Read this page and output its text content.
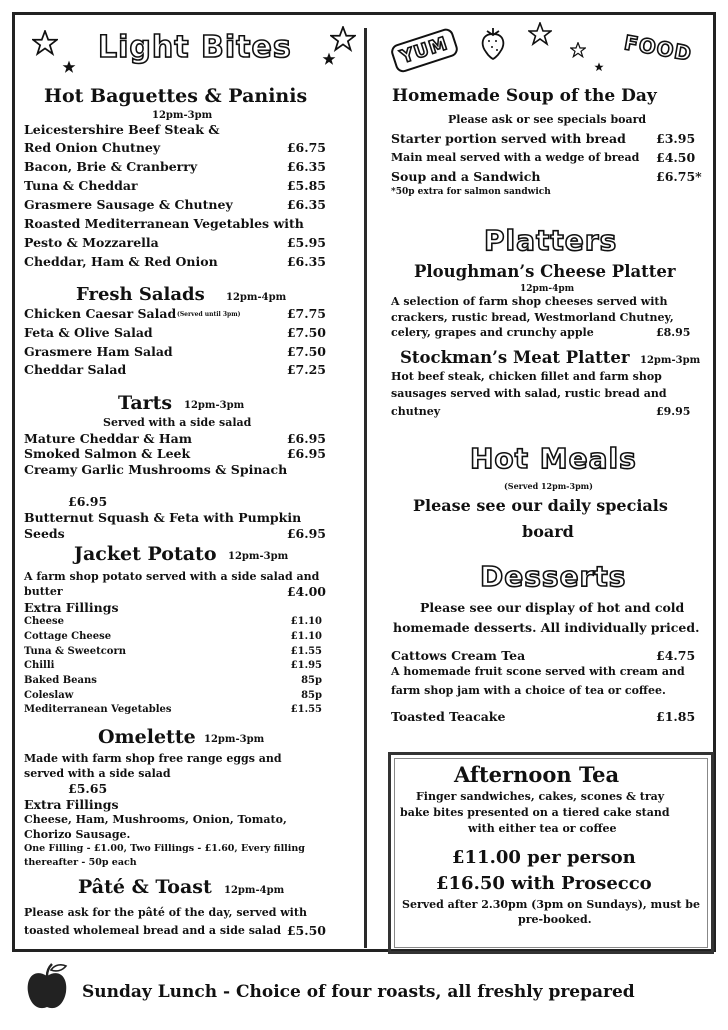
Light Bites
Hot Baguettes & Paninis
12pm-3pm
Leicestershire Beef Steak &
Red Onion Chutney	£6.75
Bacon, Brie & Cranberry	£6.35
Tuna & Cheddar	£5.85
Grasmere Sausage & Chutney	£6.35
Roasted Mediterranean Vegetables with
Pesto & Mozzarella	£5.95
Cheddar, Ham & Red Onion	£6.35
Fresh Salads 12pm-4pm
Chicken Caesar Salad (Served until 3pm)	£7.75
Feta & Olive Salad	£7.50
Grasmere Ham Salad	£7.50
Cheddar Salad	£7.25
Tarts 12pm-3pm
Served with a side salad
Mature Cheddar & Ham	£6.95
Smoked Salmon & Leek	£6.95
Creamy Garlic Mushrooms & Spinach
£6.95
Butternut Squash & Feta with Pumpkin
Seeds	£6.95
Jacket Potato 12pm-3pm
A farm shop potato served with a side salad and
butter	£4.00
Extra Fillings
Cheese	£1.10
Cottage Cheese	£1.10
Tuna & Sweetcorn	£1.55
Chilli	£1.95
Baked Beans	85p
Coleslaw	85p
Mediterranean Vegetables	£1.55
Omelette 12pm-3pm
Made with farm shop free range eggs and
served with a side salad
£5.65
Extra Fillings
Cheese, Ham, Mushrooms, Onion, Tomato,
Chorizo Sausage.
One Filling - £1.00, Two Fillings - £1.60, Every filling
thereafter - 50p each
Pâté & Toast 12pm-4pm
Please ask for the pâté of the day, served with
toasted wholemeal bread and a side salad £5.50
YUM	FOOD
Homemade Soup of the Day
Please ask or see specials board
Starter portion served with bread £3.95
Main meal served with a wedge of bread £4.50
Soup and a Sandwich	£6.75*
*50p extra for salmon sandwich
Platters
Ploughman’s Cheese Platter
12pm-4pm
A selection of farm shop cheeses served with
crackers, rustic bread, Westmorland Chutney,
celery, grapes and crunchy apple	£8.95
Stockman’s Meat Platter 12pm-3pm
Hot beef steak, chicken fillet and farm shop
sausages served with salad, rustic bread and
chutney	£9.95
Hot Meals
(Served 12pm-3pm)
Please see our daily specials
board
Desserts
Please see our display of hot and cold
homemade desserts. All individually priced.
Cattows Cream Tea	£4.75
A homemade fruit scone served with cream and
farm shop jam with a choice of tea or coffee.
Toasted Teacake	£1.85
Afternoon Tea
Finger sandwiches, cakes, scones & tray
bake bites presented on a tiered cake stand
with either tea or coffee
£11.00 per person
£16.50 with Prosecco
Served after 2.30pm (3pm on Sundays), must be
pre-booked.
Sunday Lunch - Choice of four roasts, all freshly prepared
